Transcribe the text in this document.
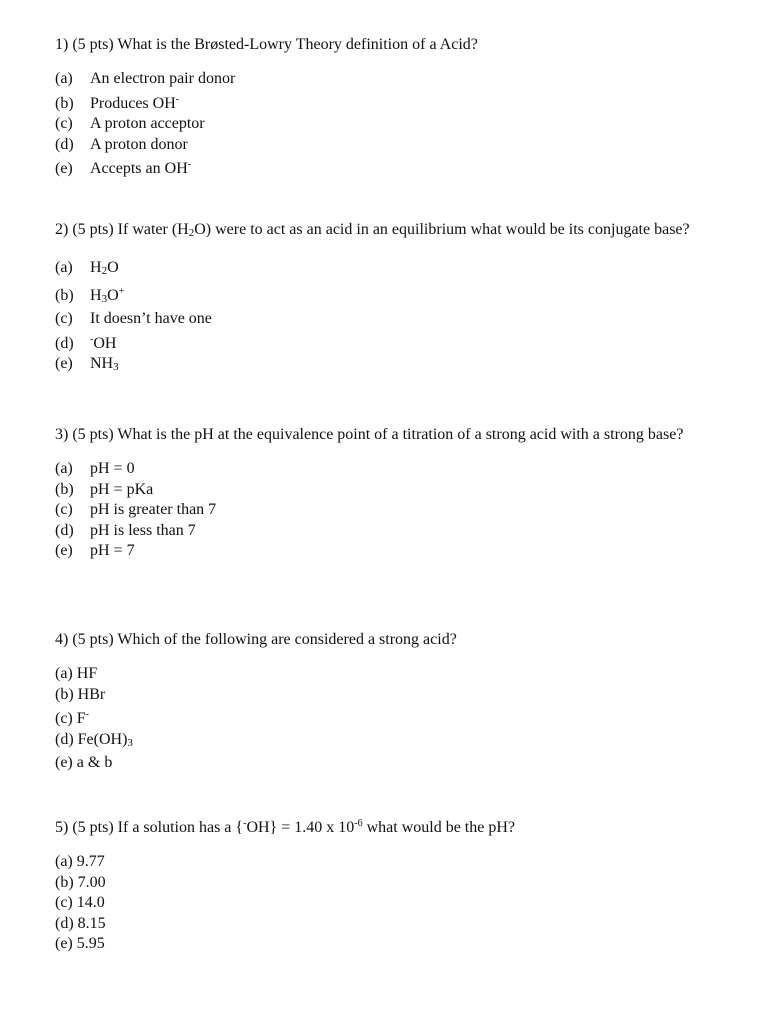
1) (5 pts) What is the Brøsted-Lowry Theory definition of a Acid?

(a) An electron pair donor
(b) Produces OH-
(c) A proton acceptor
(d) A proton donor
(e) Accepts an OH-

2) (5 pts) If water (H2O) were to act as an acid in an equilibrium what would be its conjugate base?

(a) H2O
(b) H3O+
(c) It doesn’t have one
(d) -OH
(e) NH3

3) (5 pts) What is the pH at the equivalence point of a titration of a strong acid with a strong base?

(a) pH = 0
(b) pH = pKa
(c) pH is greater than 7
(d) pH is less than 7
(e) pH = 7

4) (5 pts) Which of the following are considered a strong acid?

(a) HF
(b) HBr
(c) F-
(d) Fe(OH)3
(e) a & b

5) (5 pts) If a solution has a {-OH} = 1.40 x $10^{-6}$ what would be the pH?

(a) 9.77
(b) 7.00
(c) 14.0
(d) 8.15
(e) 5.95
